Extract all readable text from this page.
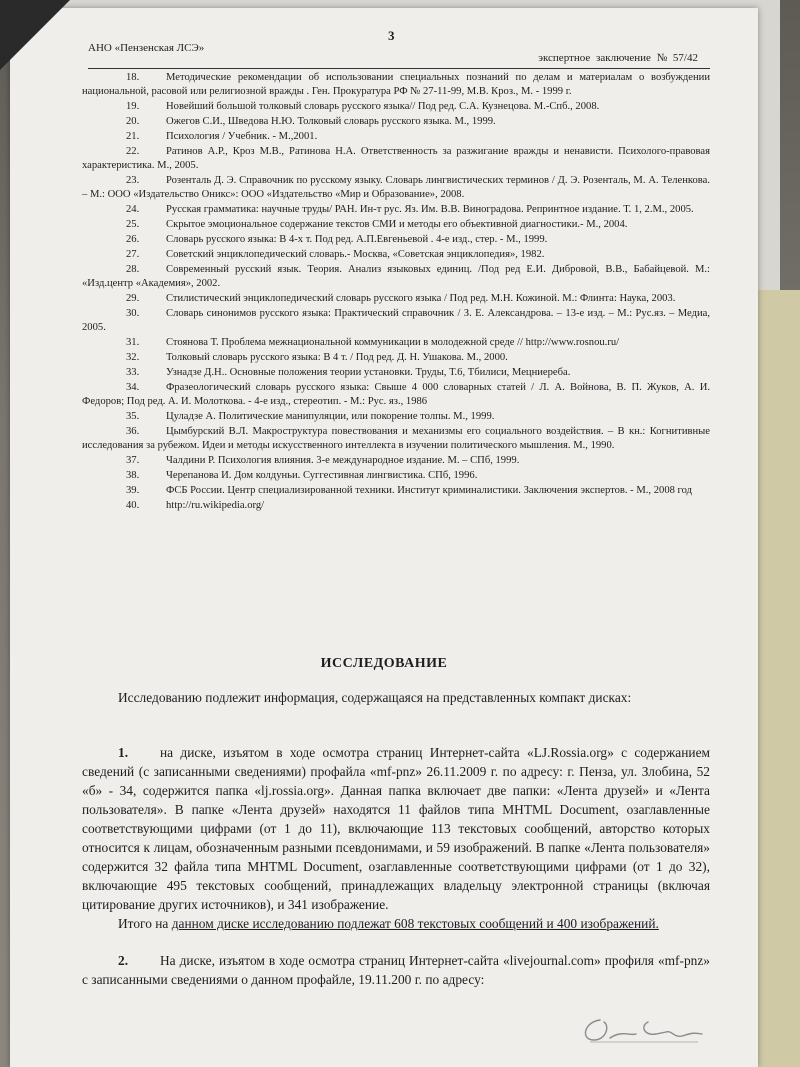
АНО «Пензенская ЛСЭ»
3
экспертное заключение № 57/42

18.	Методические рекомендации об использовании специальных познаний по делам и материалам о возбуждении национальной, расовой или религиозной вражды . Ген. Прокуратура РФ № 27-11-99, М.В. Кроз., М. - 1999 г.

19.	Новейший большой толковый словарь русского языка// Под ред. С.А. Кузнецова. М.-Спб., 2008.

20.	Ожегов С.И., Шведова Н.Ю. Толковый словарь русского языка. М., 1999.

21.	Психология / Учебник. - М.,2001.

22.	Ратинов А.Р., Кроз М.В., Ратинова Н.А. Ответственность за разжигание вражды и ненависти. Психолого-правовая характеристика. М., 2005.

23.	Розенталь Д. Э. Справочник по русскому языку. Словарь лингвистических терминов / Д. Э. Розенталь, М. А. Теленкова. – М.: ООО «Издательство Оникс»: ООО «Издательство «Мир и Образование», 2008.

24.	Русская грамматика: научные труды/ РАН. Ин-т рус. Яз. Им. В.В. Виноградова. Репринтное издание. Т. 1, 2.М., 2005.

25.	Скрытое эмоциональное содержание текстов СМИ и методы его объективной диагностики.- М., 2004.

26.	Словарь русского языка: В 4-х т. Под ред. А.П.Евгеньевой . 4-е изд., стер. - М., 1999.

27.	Советский энциклопедический словарь.- Москва, «Советская энциклопедия», 1982.

28.	Современный русский язык. Теория. Анализ языковых единиц. /Под ред Е.И. Дибровой, В.В., Бабайцевой. М.: «Изд.центр «Академия», 2002.

29.	Стилистический энциклопедический словарь русского языка / Под ред. М.Н. Кожиной. М.: Флинта: Наука, 2003.

30.	Словарь синонимов русского языка: Практический справочник / З. Е. Александрова. – 13-е изд. – М.: Рус.яз. – Медиа, 2005.

31.	Стоянова Т. Проблема межнациональной коммуникации в молодежной среде // http://www.rosnou.ru/

32.	Толковый словарь русского языка: В 4 т. / Под ред. Д. Н. Ушакова. М., 2000.

33.	Узнадзе Д.Н.. Основные положения теории установки. Труды, Т.6, Тбилиси, Мецниереба.

34.	Фразеологический словарь русского языка: Свыше 4 000 словарных статей / Л. А. Войнова, В. П. Жуков, А. И. Федоров; Под ред. А. И. Молоткова. - 4-е изд., стереотип. - М.: Рус. яз., 1986

35.	Цуладзе А. Политические манипуляции, или покорение толпы. М., 1999.

36.	Цымбурский В.Л. Макроструктура повествования и механизмы его социального воздействия. – В кн.: Когнитивные исследования за рубежом. Идеи и методы искусственного интеллекта в изучении политического мышления. М., 1990.

37.	Чалдини Р. Психология влияния. 3-е международное издание. М. – СПб, 1999.

38.	Черепанова И. Дом колдуньи. Суггестивная лингвистика. СПб, 1996.

39.	ФСБ России. Центр специализированной техники. Институт криминалистики. Заключения экспертов. - М., 2008 год

40.	http://ru.wikipedia.org/

ИССЛЕДОВАНИЕ

Исследованию подлежит информация, содержащаяся на представленных компакт дисках:

1. на диске, изъятом в ходе осмотра страниц Интернет-сайта «LJ.Rossia.org» с содержанием сведений (с записанными сведениями) профайла «mf-pnz» 26.11.2009 г. по адресу: г. Пенза, ул. Злобина, 52 «б» - 34, содержится папка «lj.rossia.org». Данная папка включает две папки: «Лента друзей» и «Лента пользователя». В папке «Лента друзей» находятся 11 файлов типа MHTML Document, озаглавленные соответствующими цифрами (от 1 до 11), включающие 113 текстовых сообщений, авторство которых относится к лицам, обозначенным разными псевдонимами, и 59 изображений. В папке «Лента пользователя» содержится 32 файла типа MHTML Document, озаглавленные соответствующими цифрами (от 1 до 32), включающие 495 текстовых сообщений, принадлежащих владельцу электронной страницы (включая цитирование других источников), и 341 изображение.

Итого на данном диске исследованию подлежат 608 текстовых сообщений и 400 изображений.

2. На диске, изъятом в ходе осмотра страниц Интернет-сайта «livejournal.com» профиля «mf-pnz» с записанными сведениями о данном профайле, 19.11.200 г. по адресу:
